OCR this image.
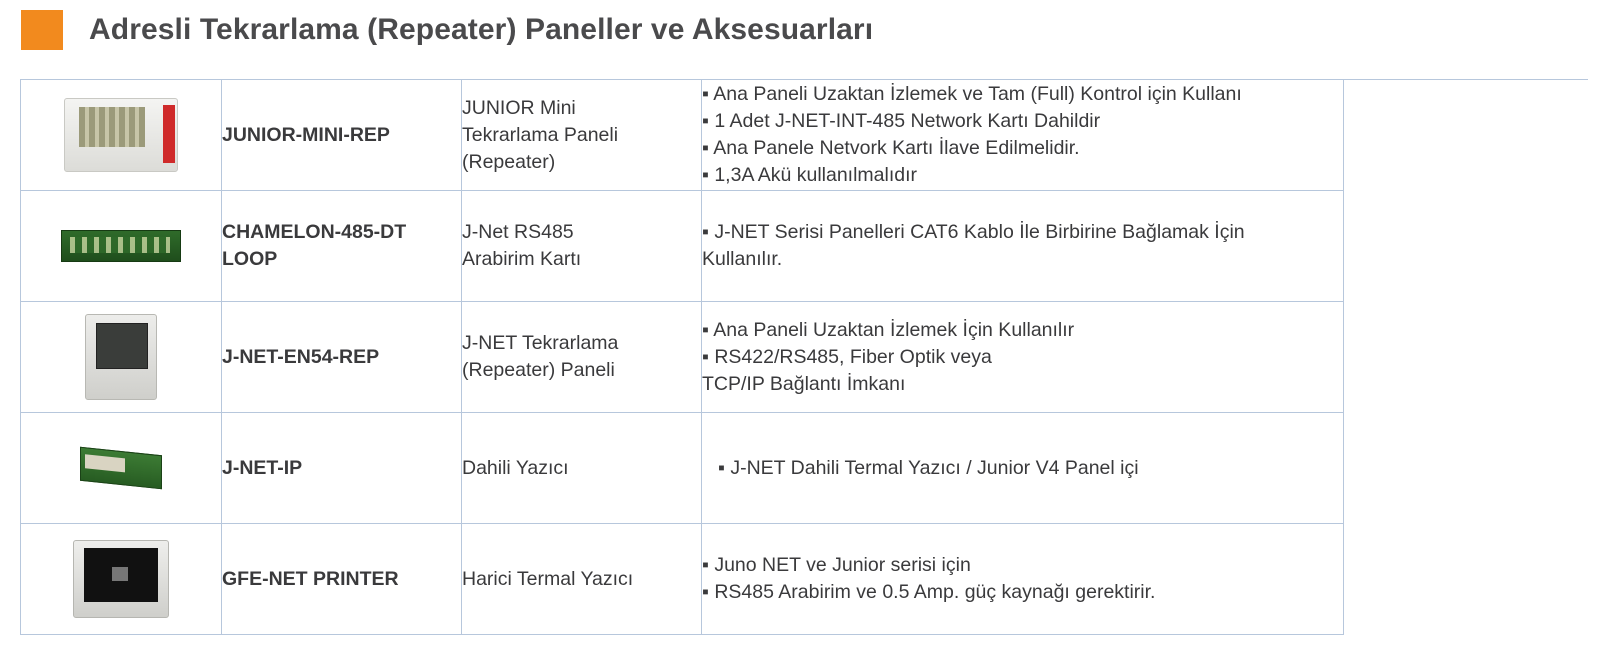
Adresli Tekrarlama (Repeater) Paneller ve Aksesuarları
	JUNIOR-MINI-REP	JUNIOR Mini
Tekrarlama Paneli
(Repeater)	▪ Ana Paneli Uzaktan İzlemek ve Tam (Full) Kontrol için Kullanı
▪ 1 Adet J-NET-INT-485 Network Kartı Dahildir
▪ Ana Panele Netvork Kartı İlave Edilmelidir.
▪ 1,3A Akü kullanılmalıdır

	CHAMELON-485-DT
LOOP	J-Net RS485
Arabirim Kartı	▪ J-NET Serisi Panelleri CAT6 Kablo İle Birbirine Bağlamak İçin
Kullanılır.

	J-NET-EN54-REP	J-NET Tekrarlama
(Repeater) Paneli	▪ Ana Paneli Uzaktan İzlemek İçin Kullanılır
▪ RS422/RS485, Fiber Optik veya
TCP/IP Bağlantı İmkanı

	J-NET-IP	Dahili Yazıcı	▪ J-NET Dahili Termal Yazıcı / Junior V4 Panel içi

	GFE-NET PRINTER	Harici Termal Yazıcı	▪ Juno NET ve Junior serisi için
▪ RS485 Arabirim ve 0.5 Amp. güç kaynağı gerektirir.
